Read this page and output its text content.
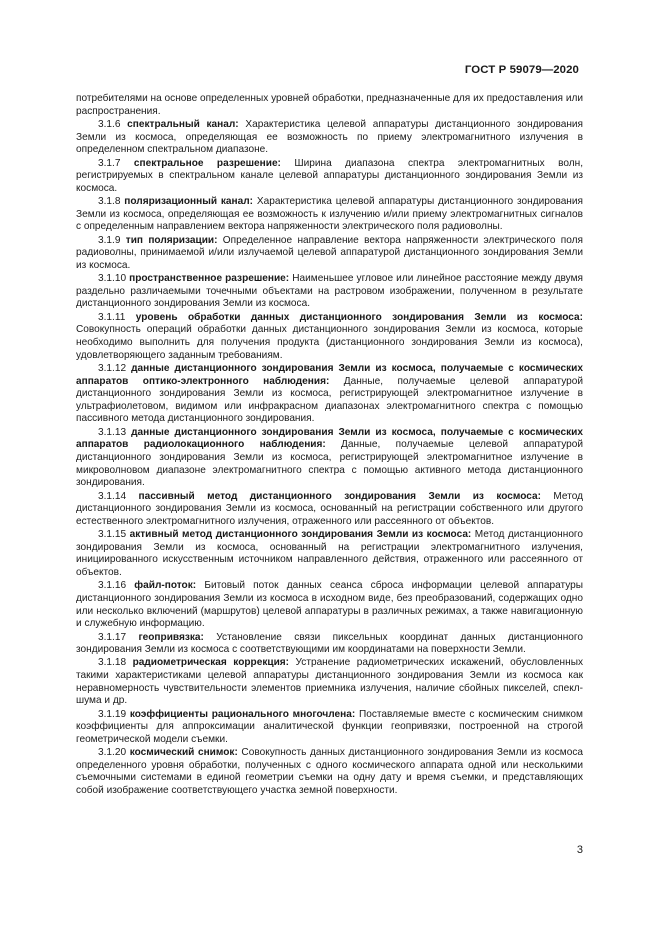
ГОСТ Р 59079—2020

потребителями на основе определенных уровней обработки, предназначенные для их предоставления или распространения.

3.1.6 спектральный канал: Характеристика целевой аппаратуры дистанционного зондирования Земли из космоса, определяющая ее возможность по приему электромагнитного излучения в определенном спектральном диапазоне.

3.1.7 спектральное разрешение: Ширина диапазона спектра электромагнитных волн, регистрируемых в спектральном канале целевой аппаратуры дистанционного зондирования Земли из космоса.

3.1.8 поляризационный канал: Характеристика целевой аппаратуры дистанционного зондирования Земли из космоса, определяющая ее возможность к излучению и/или приему электромагнитных сигналов с определенным направлением вектора напряженности электрического поля радиоволны.

3.1.9 тип поляризации: Определенное направление вектора напряженности электрического поля радиоволны, принимаемой и/или излучаемой целевой аппаратурой дистанционного зондирования Земли из космоса.

3.1.10 пространственное разрешение: Наименьшее угловое или линейное расстояние между двумя раздельно различаемыми точечными объектами на растровом изображении, полученном в результате дистанционного зондирования Земли из космоса.

3.1.11 уровень обработки данных дистанционного зондирования Земли из космоса: Совокупность операций обработки данных дистанционного зондирования Земли из космоса, которые необходимо выполнить для получения продукта (дистанционного зондирования Земли из космоса), удовлетворяющего заданным требованиям.

3.1.12 данные дистанционного зондирования Земли из космоса, получаемые с космических аппаратов оптико-электронного наблюдения: Данные, получаемые целевой аппаратурой дистанционного зондирования Земли из космоса, регистрирующей электромагнитное излучение в ультрафиолетовом, видимом или инфракрасном диапазонах электромагнитного спектра с помощью пассивного метода дистанционного зондирования.

3.1.13 данные дистанционного зондирования Земли из космоса, получаемые с космических аппаратов радиолокационного наблюдения: Данные, получаемые целевой аппаратурой дистанционного зондирования Земли из космоса, регистрирующей электромагнитное излучение в микроволновом диапазоне электромагнитного спектра с помощью активного метода дистанционного зондирования.

3.1.14 пассивный метод дистанционного зондирования Земли из космоса: Метод дистанционного зондирования Земли из космоса, основанный на регистрации собственного или другого естественного электромагнитного излучения, отраженного или рассеянного от объектов.

3.1.15 активный метод дистанционного зондирования Земли из космоса: Метод дистанционного зондирования Земли из космоса, основанный на регистрации электромагнитного излучения, инициированного искусственным источником направленного действия, отраженного или рассеянного от объектов.

3.1.16 файл-поток: Битовый поток данных сеанса сброса информации целевой аппаратуры дистанционного зондирования Земли из космоса в исходном виде, без преобразований, содержащих одно или несколько включений (маршрутов) целевой аппаратуры в различных режимах, а также навигационную и служебную информацию.

3.1.17 геопривязка: Установление связи пиксельных координат данных дистанционного зондирования Земли из космоса с соответствующими им координатами на поверхности Земли.

3.1.18 радиометрическая коррекция: Устранение радиометрических искажений, обусловленных такими характеристиками целевой аппаратуры дистанционного зондирования Земли из космоса как неравномерность чувствительности элементов приемника излучения, наличие сбойных пикселей, спекл-шума и др.

3.1.19 коэффициенты рационального многочлена: Поставляемые вместе с космическим снимком коэффициенты для аппроксимации аналитической функции геопривязки, построенной на строгой геометрической модели съемки.

3.1.20 космический снимок: Совокупность данных дистанционного зондирования Земли из космоса определенного уровня обработки, полученных с одного космического аппарата одной или несколькими съемочными системами в единой геометрии съемки на одну дату и время съемки, и представляющих собой изображение соответствующего участка земной поверхности.

3
